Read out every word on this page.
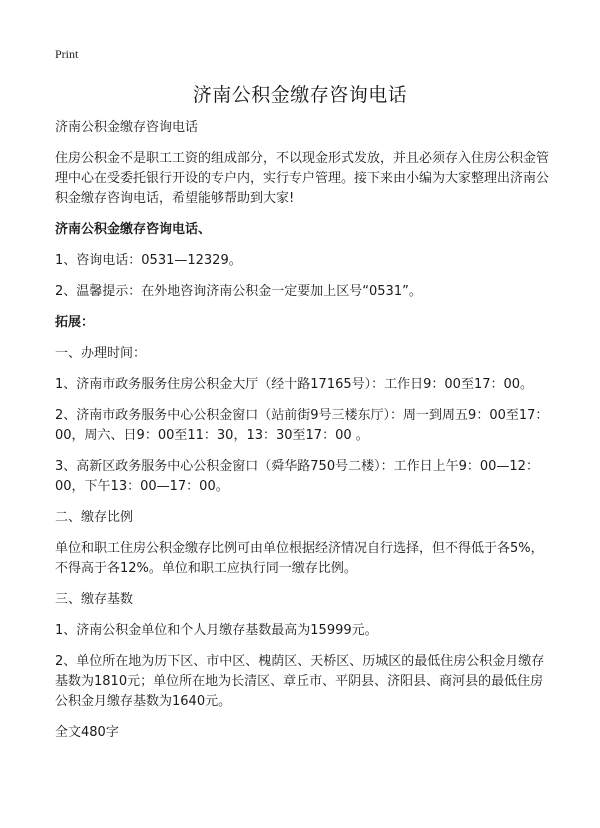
Print
济南公积金缴存咨询电话

济南公积金缴存咨询电话

住房公积金不是职工工资的组成部分，不以现金形式发放，并且必须存入住房公积金管理中心在受委托银行开设的专户内，实行专户管理。接下来由小编为大家整理出济南公积金缴存咨询电话，希望能够帮助到大家!

济南公积金缴存咨询电话、

1、咨询电话：0531—12329。

2、温馨提示：在外地咨询济南公积金一定要加上区号“0531”。

拓展：

一、办理时间：

1、济南市政务服务住房公积金大厅（经十路17165号）：工作日9：00至17：00。

2、济南市政务服务中心公积金窗口（站前街9号三楼东厅）：周一到周五9：00至17：00，周六、日9：00至11：30，13：30至17：00 。

3、高新区政务服务中心公积金窗口（舜华路750号二楼）：工作日上午9：00—12：00，下午13：00—17：00。

二、缴存比例

单位和职工住房公积金缴存比例可由单位根据经济情况自行选择，但不得低于各5%，不得高于各12%。单位和职工应执行同一缴存比例。

三、缴存基数

1、济南公积金单位和个人月缴存基数最高为15999元。

2、单位所在地为历下区、市中区、槐荫区、天桥区、历城区的最低住房公积金月缴存基数为1810元；单位所在地为长清区、章丘市、平阴县、济阳县、商河县的最低住房公积金月缴存基数为1640元。

全文480字
